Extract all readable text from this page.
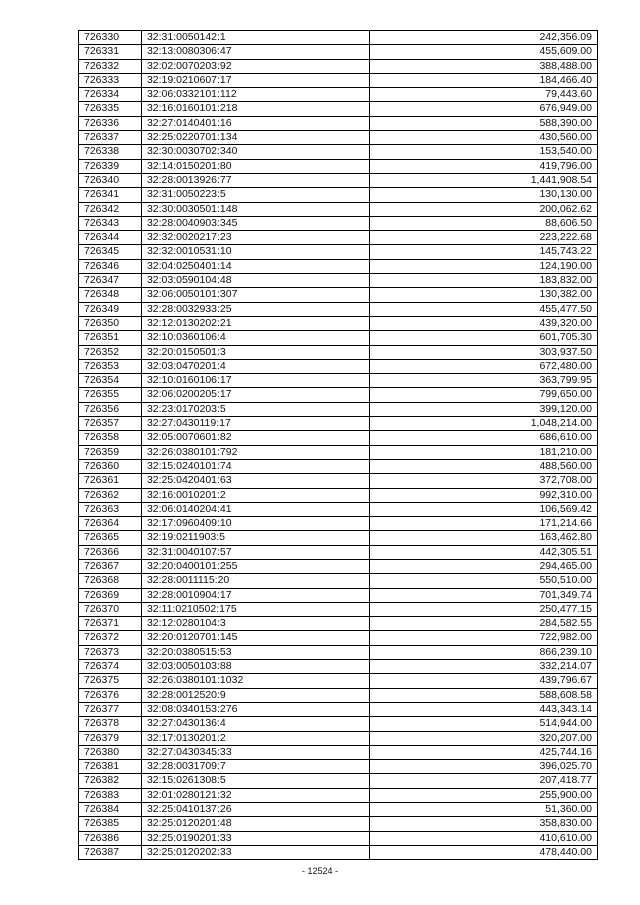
726330	32:31:0050142:1	242,356.09
726331	32:13:0080306:47	455,609.00
726332	32:02:0070203:92	388,488.00
726333	32:19:0210607:17	184,466.40
726334	32:06:0332101:112	79,443.60
726335	32:16:0160101:218	676,949.00
726336	32:27:0140401:16	588,390.00
726337	32:25:0220701:134	430,560.00
726338	32:30:0030702:340	153,540.00
726339	32:14:0150201:80	419,796.00
726340	32:28:0013926:77	1,441,908.54
726341	32:31:0050223:5	130,130.00
726342	32:30:0030501:148	200,062.62
726343	32:28:0040903:345	88,606.50
726344	32:32:0020217:23	223,222.68
726345	32:32:0010531:10	145,743.22
726346	32:04:0250401:14	124,190.00
726347	32:03:0590104:48	183,832.00
726348	32:06:0050101:307	130,382.00
726349	32:28:0032933:25	455,477.50
726350	32:12:0130202:21	439,320.00
726351	32:10:0360106:4	601,705.30
726352	32:20:0150501:3	303,937.50
726353	32:03:0470201:4	672,480.00
726354	32:10:0160106:17	363,799.95
726355	32:06:0200205:17	799,650.00
726356	32:23:0170203:5	399,120.00
726357	32:27:0430119:17	1,048,214.00
726358	32:05:0070601:82	686,610.00
726359	32:26:0380101:792	181,210.00
726360	32:15:0240101:74	488,560.00
726361	32:25:0420401:63	372,708.00
726362	32:16:0010201:2	992,310.00
726363	32:06:0140204:41	106,569.42
726364	32:17:0960409:10	171,214.66
726365	32:19:0211903:5	163,462.80
726366	32:31:0040107:57	442,305.51
726367	32:20:0400101:255	294,465.00
726368	32:28:0011115:20	550,510.00
726369	32:28:0010904:17	701,349.74
726370	32:11:0210502:175	250,477.15
726371	32:12:0280104:3	284,582.55
726372	32:20:0120701:145	722,982.00
726373	32:20:0380515:53	866,239.10
726374	32:03:0050103:88	332,214.07
726375	32:26:0380101:1032	439,796.67
726376	32:28:0012520:9	588,608.58
726377	32:08:0340153:276	443,343.14
726378	32:27:0430136:4	514,944.00
726379	32:17:0130201:2	320,207.00
726380	32:27:0430345:33	425,744.16
726381	32:28:0031709:7	396,025.70
726382	32:15:0261308:5	207,418.77
726383	32:01:0280121:32	255,900.00
726384	32:25:0410137:26	51,360.00
726385	32:25:0120201:48	358,830.00
726386	32:25:0190201:33	410,610.00
726387	32:25:0120202:33	478,440.00
- 12524 -
